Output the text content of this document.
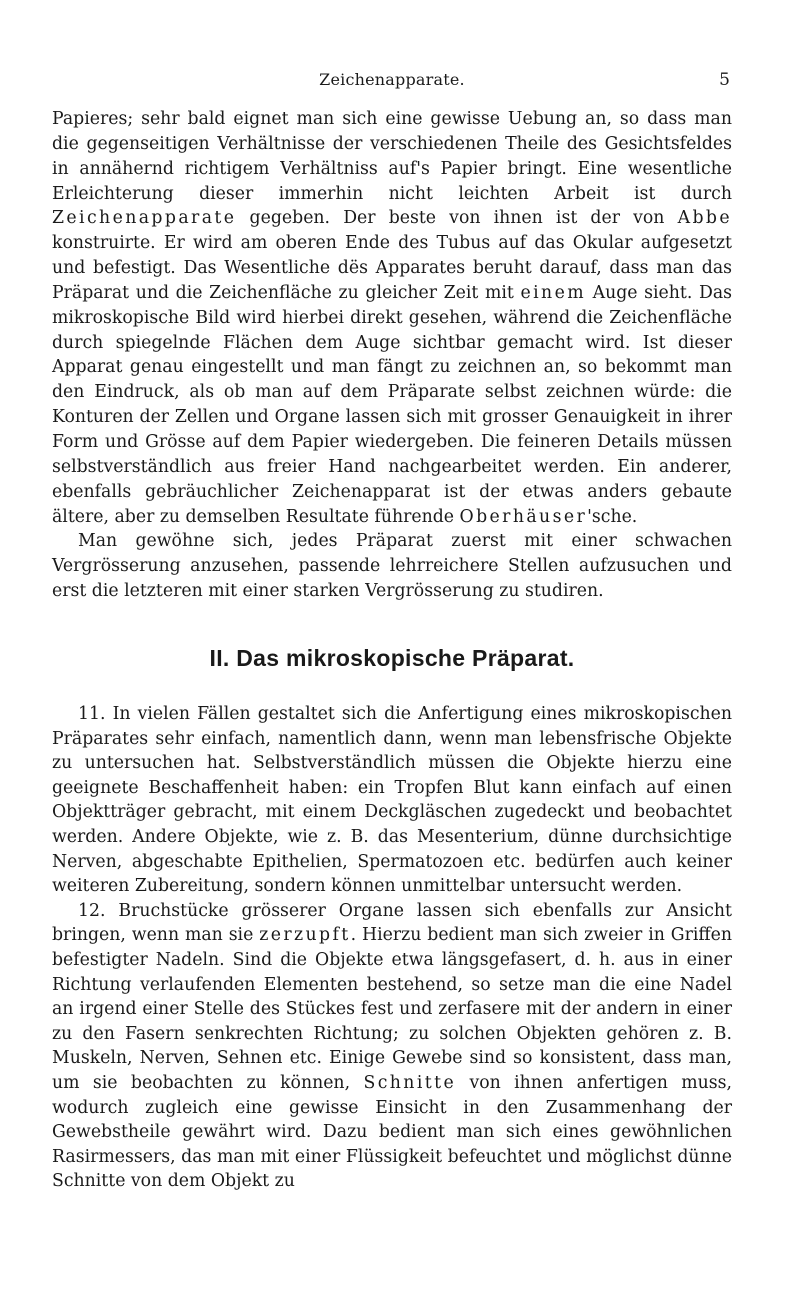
Zeichenapparate.	5

Papieres; sehr bald eignet man sich eine gewisse Uebung an, so dass man die gegenseitigen Verhältnisse der verschiedenen Theile des Gesichtsfeldes in annähernd richtigem Verhältniss auf's Papier bringt. Eine wesentliche Erleichterung dieser immerhin nicht leichten Arbeit ist durch Zeichenapparate gegeben. Der beste von ihnen ist der von Abbe konstruirte. Er wird am oberen Ende des Tubus auf das Okular aufgesetzt und befestigt. Das Wesentliche dës Apparates beruht darauf, dass man das Präparat und die Zeichenfläche zu gleicher Zeit mit einem Auge sieht. Das mikroskopische Bild wird hierbei direkt gesehen, während die Zeichenfläche durch spiegelnde Flächen dem Auge sichtbar gemacht wird. Ist dieser Apparat genau eingestellt und man fängt zu zeichnen an, so bekommt man den Eindruck, als ob man auf dem Präparate selbst zeichnen würde: die Konturen der Zellen und Organe lassen sich mit grosser Genauigkeit in ihrer Form und Grösse auf dem Papier wiedergeben. Die feineren Details müssen selbstverständlich aus freier Hand nachgearbeitet werden. Ein anderer, ebenfalls gebräuchlicher Zeichenapparat ist der etwas anders gebaute ältere, aber zu demselben Resultate führende Oberhäuser'sche.

Man gewöhne sich, jedes Präparat zuerst mit einer schwachen Vergrösserung anzusehen, passende lehrreichere Stellen aufzusuchen und erst die letzteren mit einer starken Vergrösserung zu studiren.

II. Das mikroskopische Präparat.

11. In vielen Fällen gestaltet sich die Anfertigung eines mikroskopischen Präparates sehr einfach, namentlich dann, wenn man lebensfrische Objekte zu untersuchen hat. Selbstverständlich müssen die Objekte hierzu eine geeignete Beschaffenheit haben: ein Tropfen Blut kann einfach auf einen Objektträger gebracht, mit einem Deckgläschen zugedeckt und beobachtet werden. Andere Objekte, wie z. B. das Mesenterium, dünne durchsichtige Nerven, abgeschabte Epithelien, Spermatozoen etc. bedürfen auch keiner weiteren Zubereitung, sondern können unmittelbar untersucht werden.

12. Bruchstücke grösserer Organe lassen sich ebenfalls zur Ansicht bringen, wenn man sie zerzupft. Hierzu bedient man sich zweier in Griffen befestigter Nadeln. Sind die Objekte etwa längsgefasert, d. h. aus in einer Richtung verlaufenden Elementen bestehend, so setze man die eine Nadel an irgend einer Stelle des Stückes fest und zerfasere mit der andern in einer zu den Fasern senkrechten Richtung; zu solchen Objekten gehören z. B. Muskeln, Nerven, Sehnen etc. Einige Gewebe sind so konsistent, dass man, um sie beobachten zu können, Schnitte von ihnen anfertigen muss, wodurch zugleich eine gewisse Einsicht in den Zusammenhang der Gewebstheile gewährt wird. Dazu bedient man sich eines gewöhnlichen Rasirmessers, das man mit einer Flüssigkeit befeuchtet und möglichst dünne Schnitte von dem Objekt zu
